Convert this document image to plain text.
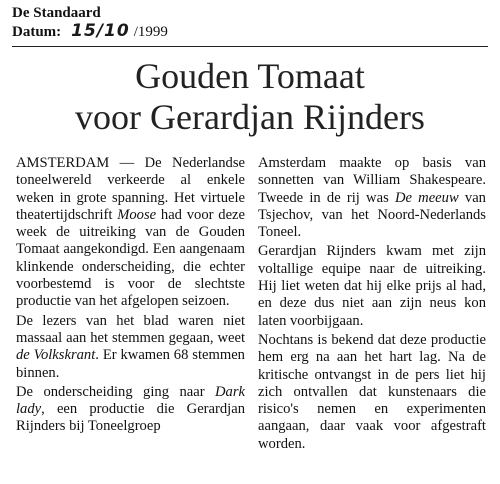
De Standaard
Datum: 15/10 /1999
Gouden Tomaat
voor Gerardjan Rijnders

AMSTERDAM — De Nederlandse toneelwereld verkeerde al enkele weken in grote spanning. Het virtuele theatertijdschrift Moose had voor deze week de uitreiking van de Gouden Tomaat aangekondigd. Een aangenaam klinkende onderscheiding, die echter voorbestemd is voor de slechtste productie van het afgelopen seizoen.

De lezers van het blad waren niet massaal aan het stemmen gegaan, weet de Volkskrant. Er kwamen 68 stemmen binnen.

De onderscheiding ging naar Dark lady, een productie die Gerardjan Rijnders bij Toneelgroep

Amsterdam maakte op basis van sonnetten van William Shakespeare. Tweede in de rij was De meeuw van Tsjechov, van het Noord-Nederlands Toneel.

Gerardjan Rijnders kwam met zijn voltallige equipe naar de uitreiking. Hij liet weten dat hij elke prijs al had, en deze dus niet aan zijn neus kon laten voorbijgaan.

Nochtans is bekend dat deze productie hem erg na aan het hart lag. Na de kritische ontvangst in de pers liet hij zich ontvallen dat kunstenaars die risico's nemen en experimenten aangaan, daar vaak voor afgestraft worden.
